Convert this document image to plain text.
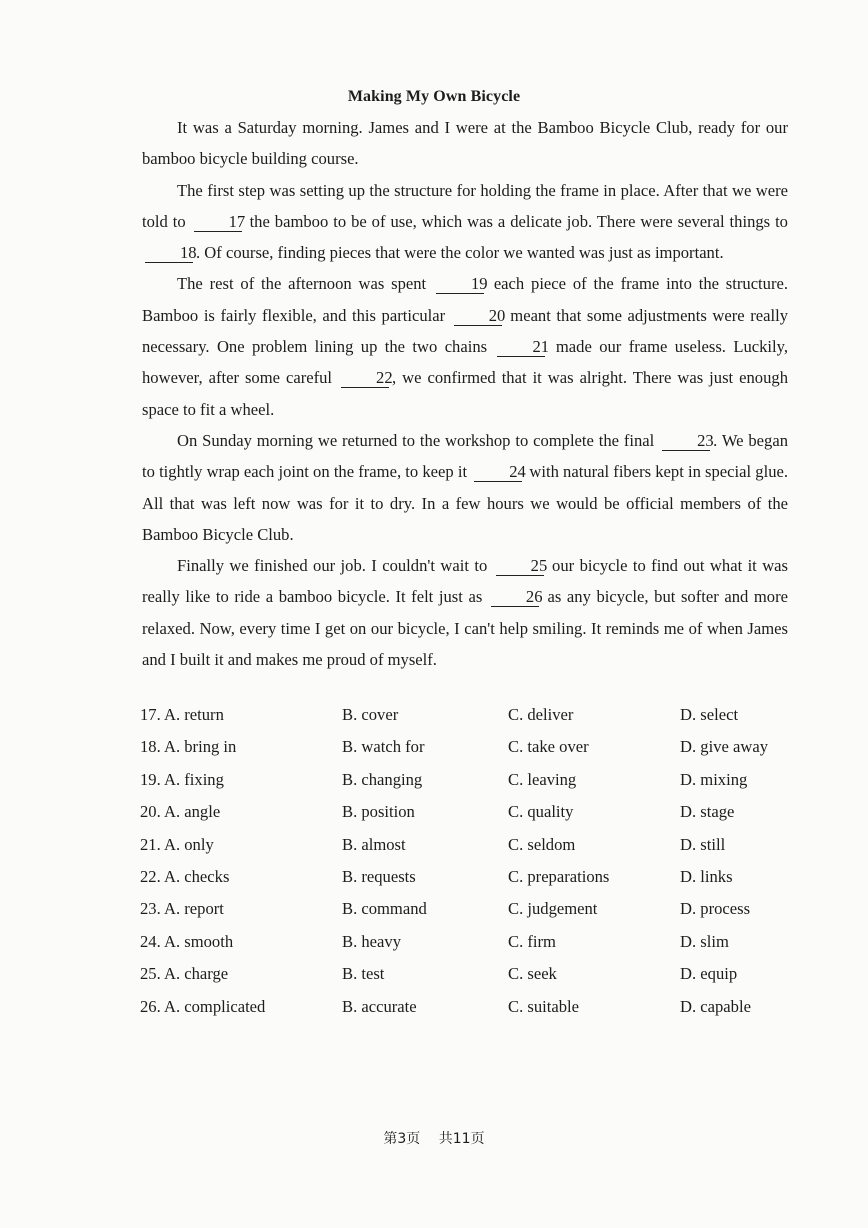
Making My Own Bicycle

It was a Saturday morning. James and I were at the Bamboo Bicycle Club, ready for our bamboo bicycle building course.

The first step was setting up the structure for holding the frame in place. After that we were told to 17 the bamboo to be of use, which was a delicate job. There were several things to 18. Of course, finding pieces that were the color we wanted was just as important.

The rest of the afternoon was spent 19 each piece of the frame into the structure. Bamboo is fairly flexible, and this particular 20 meant that some adjustments were really necessary. One problem lining up the two chains 21 made our frame useless. Luckily, however, after some careful 22, we confirmed that it was alright. There was just enough space to fit a wheel.

On Sunday morning we returned to the workshop to complete the final 23. We began to tightly wrap each joint on the frame, to keep it 24 with natural fibers kept in special glue. All that was left now was for it to dry. In a few hours we would be official members of the Bamboo Bicycle Club.

Finally we finished our job. I couldn't wait to 25 our bicycle to find out what it was really like to ride a bamboo bicycle. It felt just as 26 as any bicycle, but softer and more relaxed. Now, every time I get on our bicycle, I can't help smiling. It reminds me of when James and I built it and makes me proud of myself.

17. A. return	B. cover	C. deliver	D. select
18. A. bring in	B. watch for	C. take over	D. give away
19. A. fixing	B. changing	C. leaving	D. mixing
20. A. angle	B. position	C. quality	D. stage
21. A. only	B. almost	C. seldom	D. still
22. A. checks	B. requests	C. preparations	D. links
23. A. report	B. command	C. judgement	D. process
24. A. smooth	B. heavy	C. firm	D. slim
25. A. charge	B. test	C. seek	D. equip
26. A. complicated	B. accurate	C. suitable	D. capable
第3页 共11页
